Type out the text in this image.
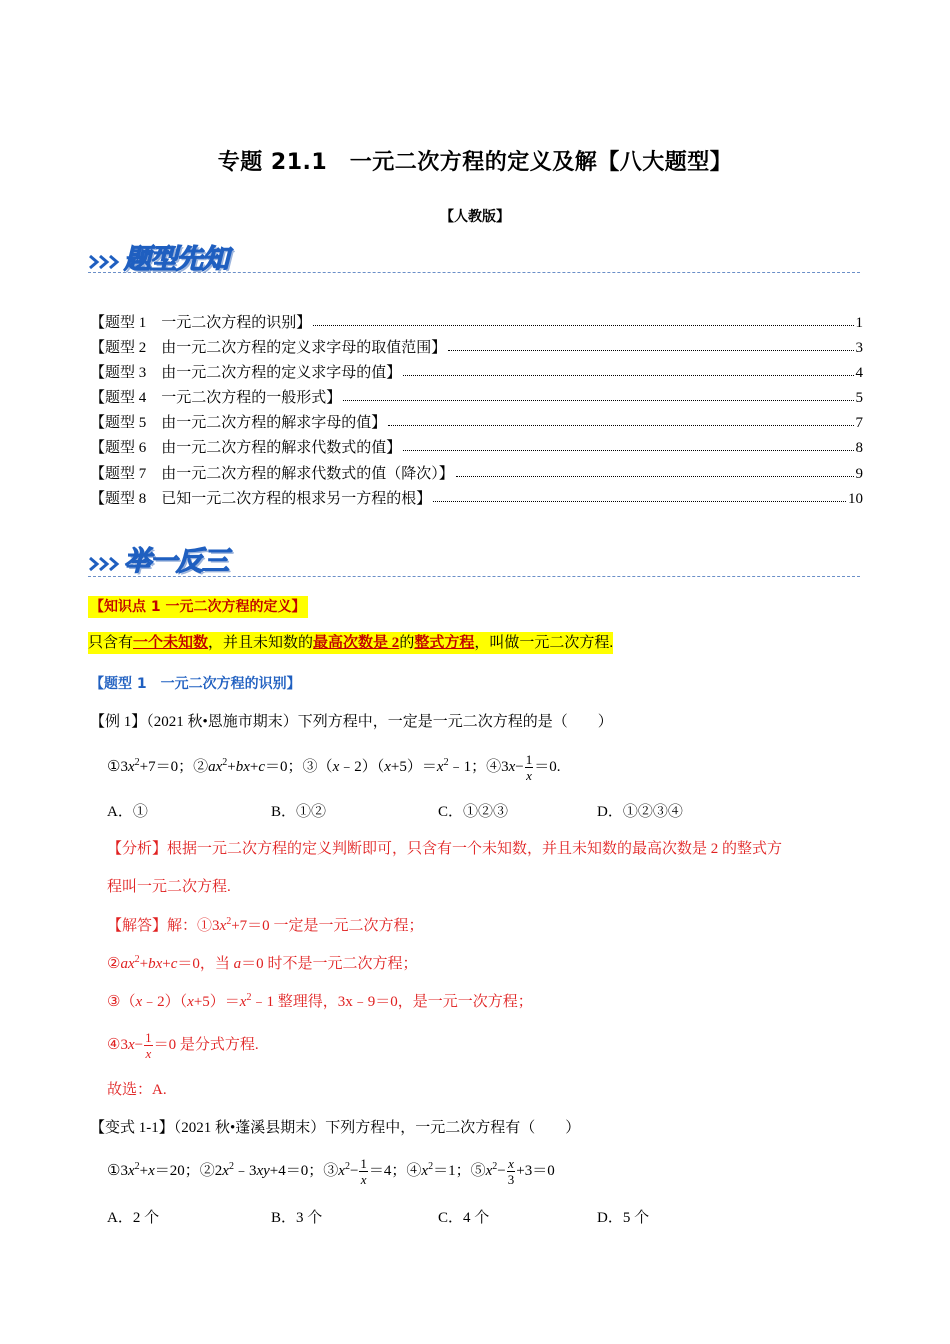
专题 21.1　一元二次方程的定义及解【八大题型】
【人教版】
题型先知
【题型 1　一元二次方程的识别】	1
【题型 2　由一元二次方程的定义求字母的取值范围】	3
【题型 3　由一元二次方程的定义求字母的值】	4
【题型 4　一元二次方程的一般形式】	5
【题型 5　由一元二次方程的解求字母的值】	7
【题型 6　由一元二次方程的解求代数式的值】	8
【题型 7　由一元二次方程的解求代数式的值（降次）】	9
【题型 8　已知一元二次方程的根求另一方程的根】	10
举一反三
【知识点 1 一元二次方程的定义】
只含有一个未知数，并且未知数的最高次数是 2的整式方程，叫做一元二次方程.
【题型 1　一元二次方程的识别】
【例 1】（2021 秋•恩施市期末）下列方程中，一定是一元二次方程的是（　　）
$①3x^2+7=0$；$②ax^2+bx+c=0$；$③(x﹣2)(x+5)=x^2﹣1$；④3x− $\frac{1}{x} =0$.
A．①	B．①②	C．①②③	D．①②③④
【分析】根据一元二次方程的定义判断即可，只含有一个未知数，并且未知数的最高次数是 2 的整式方
程叫一元二次方程.
【解答】解：$①3x^2+7=0$ 一定是一元二次方程；
$②ax^2+bx+c=0$，当 a＝0 时不是一元二次方程；
$③(x﹣2)(x+5)=x^2﹣1$ 整理得，3x﹣9＝0，是一元一次方程；
④3x− $\frac{1}{x} =0$ 是分式方程.
故选：A.
【变式 1-1】（2021 秋•蓬溪县期末）下列方程中，一元二次方程有（　　）
$①3x^2+x=20$；$②2x^2﹣3xy+4=0$；$③x^2- \frac{1}{x} =4$；$④x^2=1$；$⑤x^2- \frac{x}{3} +3=0$
A．2 个	B．3 个	C．4 个	D．5 个
